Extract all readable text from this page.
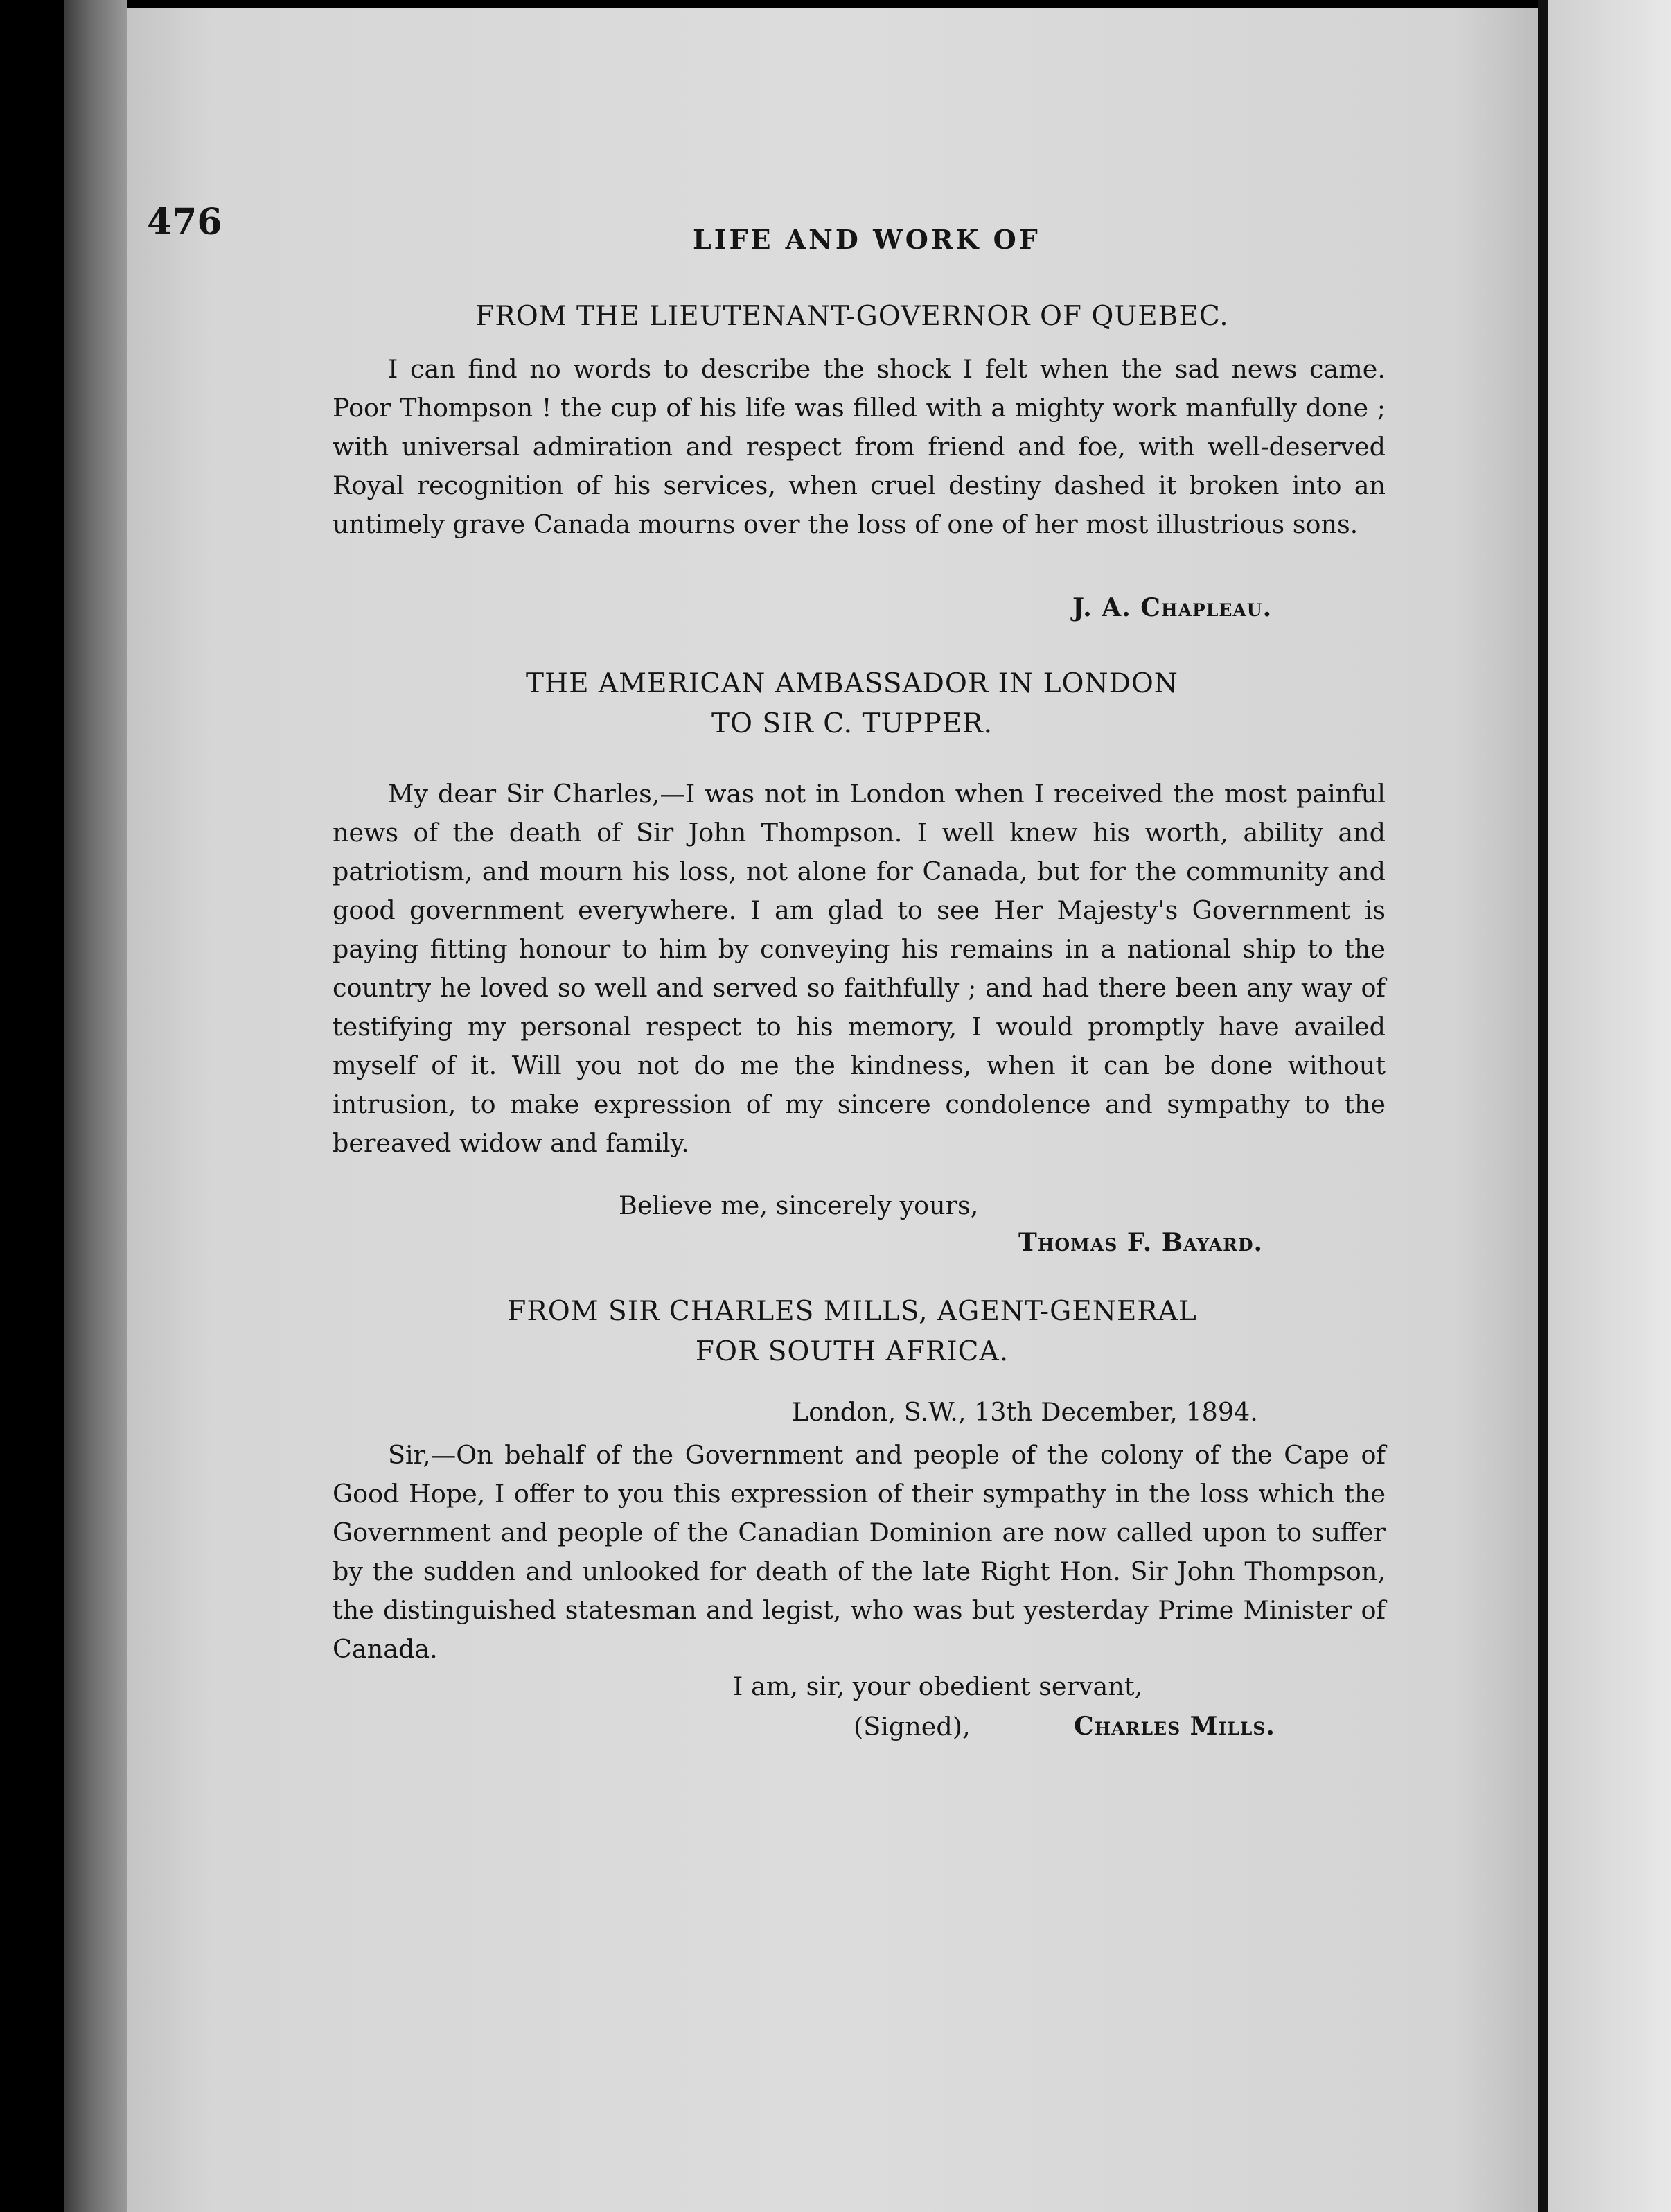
476	LIFE AND WORK OF
FROM THE LIEUTENANT-GOVERNOR OF QUEBEC.
I can find no words to describe the shock I felt when the sad news came. Poor Thompson ! the cup of his life was filled with a mighty work manfully done ; with universal admiration and respect from friend and foe, with well-deserved Royal recognition of his services, when cruel destiny dashed it broken into an untimely grave Canada mourns over the loss of one of her most illustrious sons.
J. A. Chapleau.
THE AMERICAN AMBASSADOR IN LONDON
TO SIR C. TUPPER.
My dear Sir Charles,—I was not in London when I received the most painful news of the death of Sir John Thompson. I well knew his worth, ability and patriotism, and mourn his loss, not alone for Canada, but for the community and good government everywhere. I am glad to see Her Majesty's Government is paying fitting honour to him by conveying his remains in a national ship to the country he loved so well and served so faithfully ; and had there been any way of testifying my personal respect to his memory, I would promptly have availed myself of it. Will you not do me the kindness, when it can be done without intrusion, to make expression of my sincere condolence and sympathy to the bereaved widow and family.
Believe me, sincerely yours,
Thomas F. Bayard.
FROM SIR CHARLES MILLS, AGENT-GENERAL
FOR SOUTH AFRICA.
London, S.W., 13th December, 1894.
Sir,—On behalf of the Government and people of the colony of the Cape of Good Hope, I offer to you this expression of their sympathy in the loss which the Government and people of the Canadian Dominion are now called upon to suffer by the sudden and unlooked for death of the late Right Hon. Sir John Thompson, the distinguished statesman and legist, who was but yesterday Prime Minister of Canada.
I am, sir, your obedient servant,
(Signed),	Charles Mills.
